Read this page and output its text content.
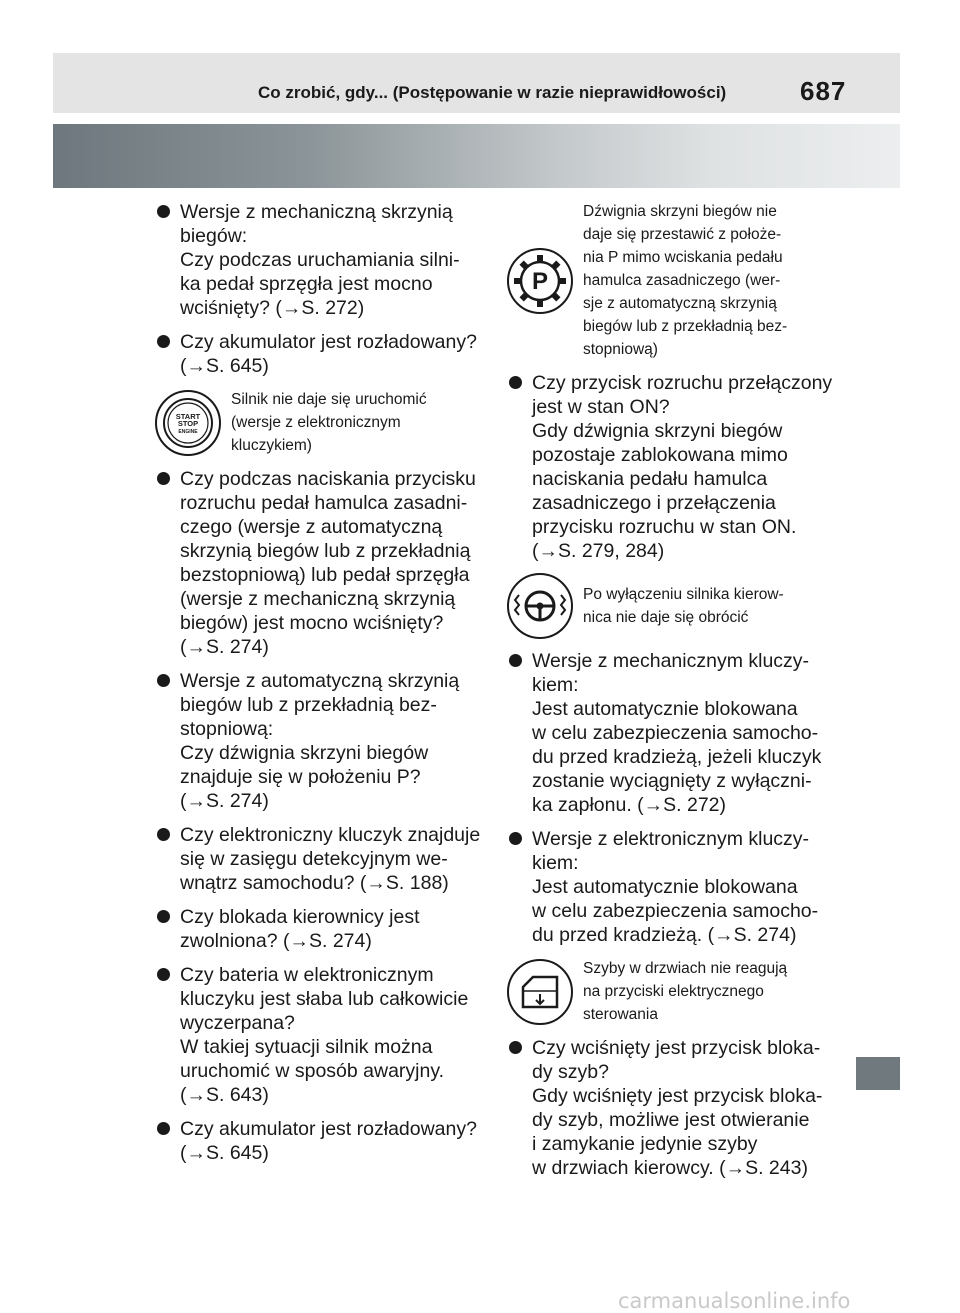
Co zrobić, gdy... (Postępowanie w razie nieprawidłowości)	687
Wersje z mechaniczną skrzynią
biegów:
Czy podczas uruchamiania silni-
ka pedał sprzęgła jest mocno
wciśnięty? (→S. 272)
Czy akumulator jest rozładowany?
(→S. 645)
START
STOP
ENGINE
Silnik nie daje się uruchomić
(wersje z elektronicznym
kluczykiem)
Czy podczas naciskania przycisku
rozruchu pedał hamulca zasadni-
czego (wersje z automatyczną
skrzynią biegów lub z przekładnią
bezstopniową) lub pedał sprzęgła
(wersje z mechaniczną skrzynią
biegów) jest mocno wciśnięty?
(→S. 274)
Wersje z automatyczną skrzynią
biegów lub z przekładnią bez-
stopniową:
Czy dźwignia skrzyni biegów
znajduje się w położeniu P?
(→S. 274)
Czy elektroniczny kluczyk znajduje
się w zasięgu detekcyjnym we-
wnątrz samochodu? (→S. 188)
Czy blokada kierownicy jest
zwolniona? (→S. 274)
Czy bateria w elektronicznym
kluczyku jest słaba lub całkowicie
wyczerpana?
W takiej sytuacji silnik można
uruchomić w sposób awaryjny.
(→S. 643)
Czy akumulator jest rozładowany?
(→S. 645)
P
Dźwignia skrzyni biegów nie
daje się przestawić z położe-
nia P mimo wciskania pedału
hamulca zasadniczego (wer-
sje z automatyczną skrzynią
biegów lub z przekładnią bez-
stopniową)
Czy przycisk rozruchu przełączony
jest w stan ON?
Gdy dźwignia skrzyni biegów
pozostaje zablokowana mimo
naciskania pedału hamulca
zasadniczego i przełączenia
przycisku rozruchu w stan ON.
(→S. 279, 284)
Po wyłączeniu silnika kierow-
nica nie daje się obrócić
Wersje z mechanicznym kluczy-
kiem:
Jest automatycznie blokowana
w celu zabezpieczenia samocho-
du przed kradzieżą, jeżeli kluczyk
zostanie wyciągnięty z wyłączni-
ka zapłonu. (→S. 272)
Wersje z elektronicznym kluczy-
kiem:
Jest automatycznie blokowana
w celu zabezpieczenia samocho-
du przed kradzieżą. (→S. 274)
Szyby w drzwiach nie reagują
na przyciski elektrycznego
sterowania
Czy wciśnięty jest przycisk bloka-
dy szyb?
Gdy wciśnięty jest przycisk bloka-
dy szyb, możliwe jest otwieranie
i zamykanie jedynie szyby
w drzwiach kierowcy. (→S. 243)
carmanualsonline.info
